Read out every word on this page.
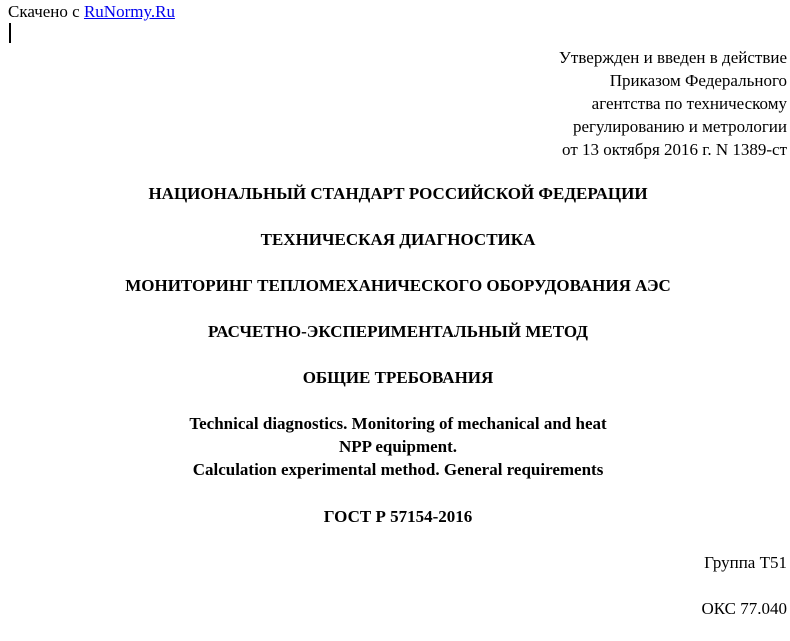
Скачено с RuNormy.Ru
Утвержден и введен в действие
Приказом Федерального
агентства по техническому
регулированию и метрологии
от 13 октября 2016 г. N 1389-ст
НАЦИОНАЛЬНЫЙ СТАНДАРТ РОССИЙСКОЙ ФЕДЕРАЦИИ
ТЕХНИЧЕСКАЯ ДИАГНОСТИКА
МОНИТОРИНГ ТЕПЛОМЕХАНИЧЕСКОГО ОБОРУДОВАНИЯ АЭС
РАСЧЕТНО-ЭКСПЕРИМЕНТАЛЬНЫЙ МЕТОД
ОБЩИЕ ТРЕБОВАНИЯ
Technical diagnostics. Monitoring of mechanical and heat
NPP equipment.
Calculation experimental method. General requirements
ГОСТ Р 57154-2016
Группа Т51
ОКС 77.040
